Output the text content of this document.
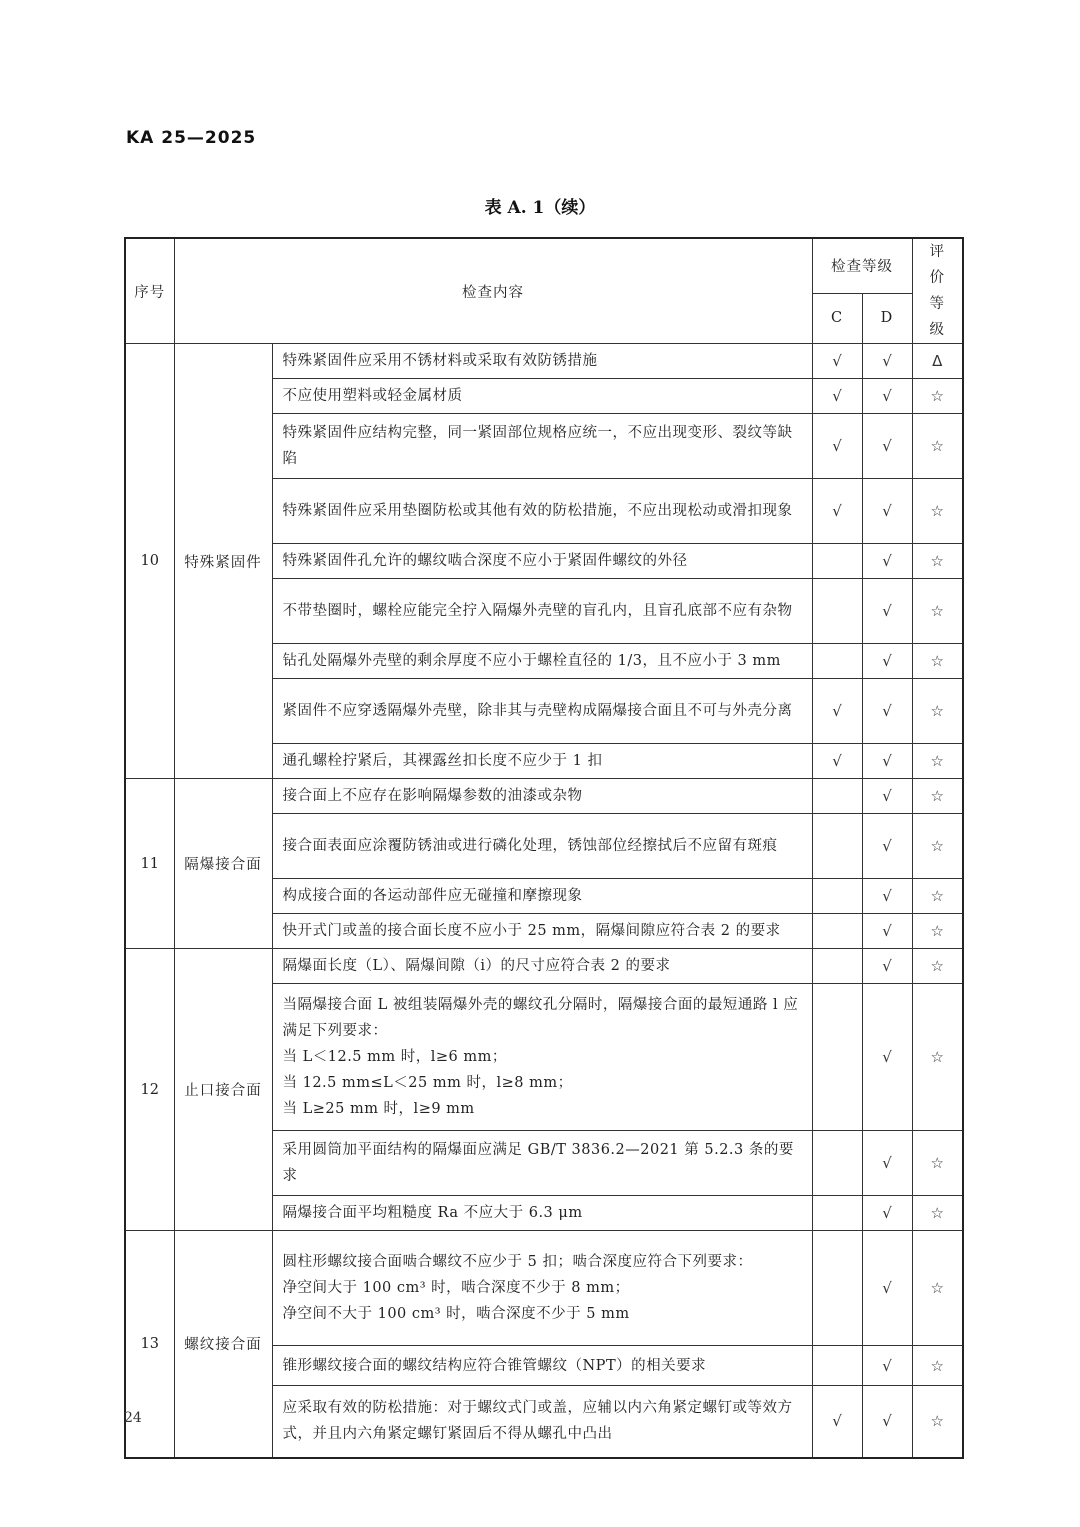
KA 25—2025
表 A. 1（续）
序号	检查内容		检查等级		评价等级
			C	D	
10	特殊紧固件	特殊紧固件应采用不锈材料或采取有效防锈措施	√	√	Δ
		不应使用塑料或轻金属材质	√	√	☆
		特殊紧固件应结构完整，同一紧固部位规格应统一，不应出现变形、裂纹等缺陷	√	√	☆
		特殊紧固件应采用垫圈防松或其他有效的防松措施，不应出现松动或滑扣现象	√	√	☆
		特殊紧固件孔允许的螺纹啮合深度不应小于紧固件螺纹的外径		√	☆
		不带垫圈时，螺栓应能完全拧入隔爆外壳壁的盲孔内，且盲孔底部不应有杂物		√	☆
		钻孔处隔爆外壳壁的剩余厚度不应小于螺栓直径的 1/3，且不应小于 3 mm		√	☆
		紧固件不应穿透隔爆外壳壁，除非其与壳壁构成隔爆接合面且不可与外壳分离	√	√	☆
		通孔螺栓拧紧后，其裸露丝扣长度不应少于 1 扣	√	√	☆
11	隔爆接合面	接合面上不应存在影响隔爆参数的油漆或杂物		√	☆
		接合面表面应涂覆防锈油或进行磷化处理，锈蚀部位经擦拭后不应留有斑痕		√	☆
		构成接合面的各运动部件应无碰撞和摩擦现象		√	☆
		快开式门或盖的接合面长度不应小于 25 mm，隔爆间隙应符合表 2 的要求		√	☆
12	止口接合面	隔爆面长度（L）、隔爆间隙（i）的尺寸应符合表 2 的要求		√	☆

		当隔爆接合面 L 被组装隔爆外壳的螺纹孔分隔时，隔爆接合面的最短通路 l 应满足下列要求：
当 L＜12.5 mm 时，l≥6 mm；
当 12.5 mm≤L＜25 mm 时，l≥8 mm；
当 L≥25 mm 时，l≥9 mm		√	☆
		采用圆筒加平面结构的隔爆面应满足 GB/T 3836.2—2021 第 5.2.3 条的要求		√	☆
		隔爆接合面平均粗糙度 Ra 不应大于 6.3 μm		√	☆
13	螺纹接合面	圆柱形螺纹接合面啮合螺纹不应少于 5 扣；啮合深度应符合下列要求：
净空间大于 100 cm³ 时，啮合深度不少于 8 mm；
净空间不大于 100 cm³ 时，啮合深度不少于 5 mm		√	☆
		锥形螺纹接合面的螺纹结构应符合锥管螺纹（NPT）的相关要求		√	☆
		应采取有效的防松措施：对于螺纹式门或盖，应辅以内六角紧定螺钉或等效方式，并且内六角紧定螺钉紧固后不得从螺孔中凸出	√	√	☆
24
